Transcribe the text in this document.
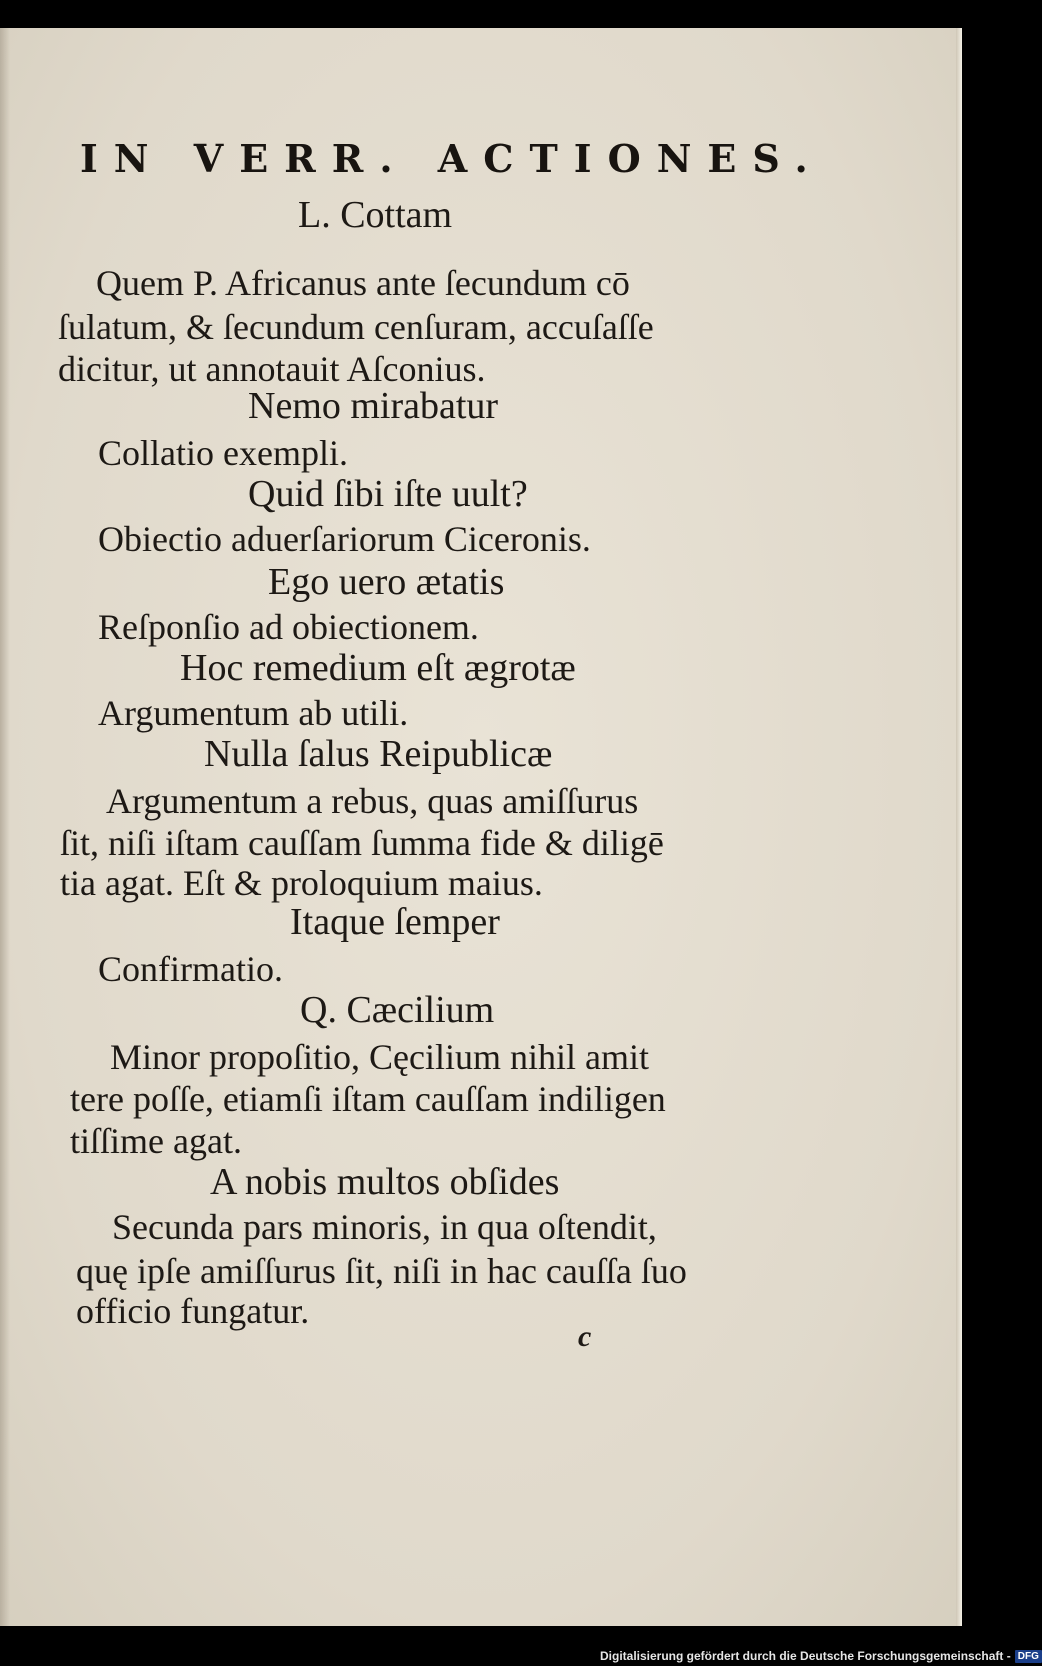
IN VERR. ACTIONES.
L. Cottam
Quem P. Africanus ante ſecundum cō
ſulatum, & ſecundum cenſuram, accuſaſſe
dicitur, ut annotauit Aſconius.
Nemo mirabatur
Collatio exempli.
Quid ſibi iſte uult?
Obiectio aduerſariorum Ciceronis.
Ego uero ætatis
Reſponſio ad obiectionem.
Hoc remedium eſt ægrotæ
Argumentum ab utili.
Nulla ſalus Reipublicæ
Argumentum a rebus, quas amiſſurus
ſit, niſi iſtam cauſſam ſumma fide & diligē
tia agat. Eſt & proloquium maius.
Itaque ſemper
Confirmatio.
Q. Cæcilium
Minor propoſitio, Cęcilium nihil amit
tere poſſe, etiamſi iſtam cauſſam indiligen
tiſſime agat.
A nobis multos obſides
Secunda pars minoris, in qua oſtendit,
quę ipſe amiſſurus ſit, niſi in hac cauſſa ſuo
officio fungatur.
c
Digitalisierung gefördert durch die Deutsche Forschungsgemeinschaft - DFG
